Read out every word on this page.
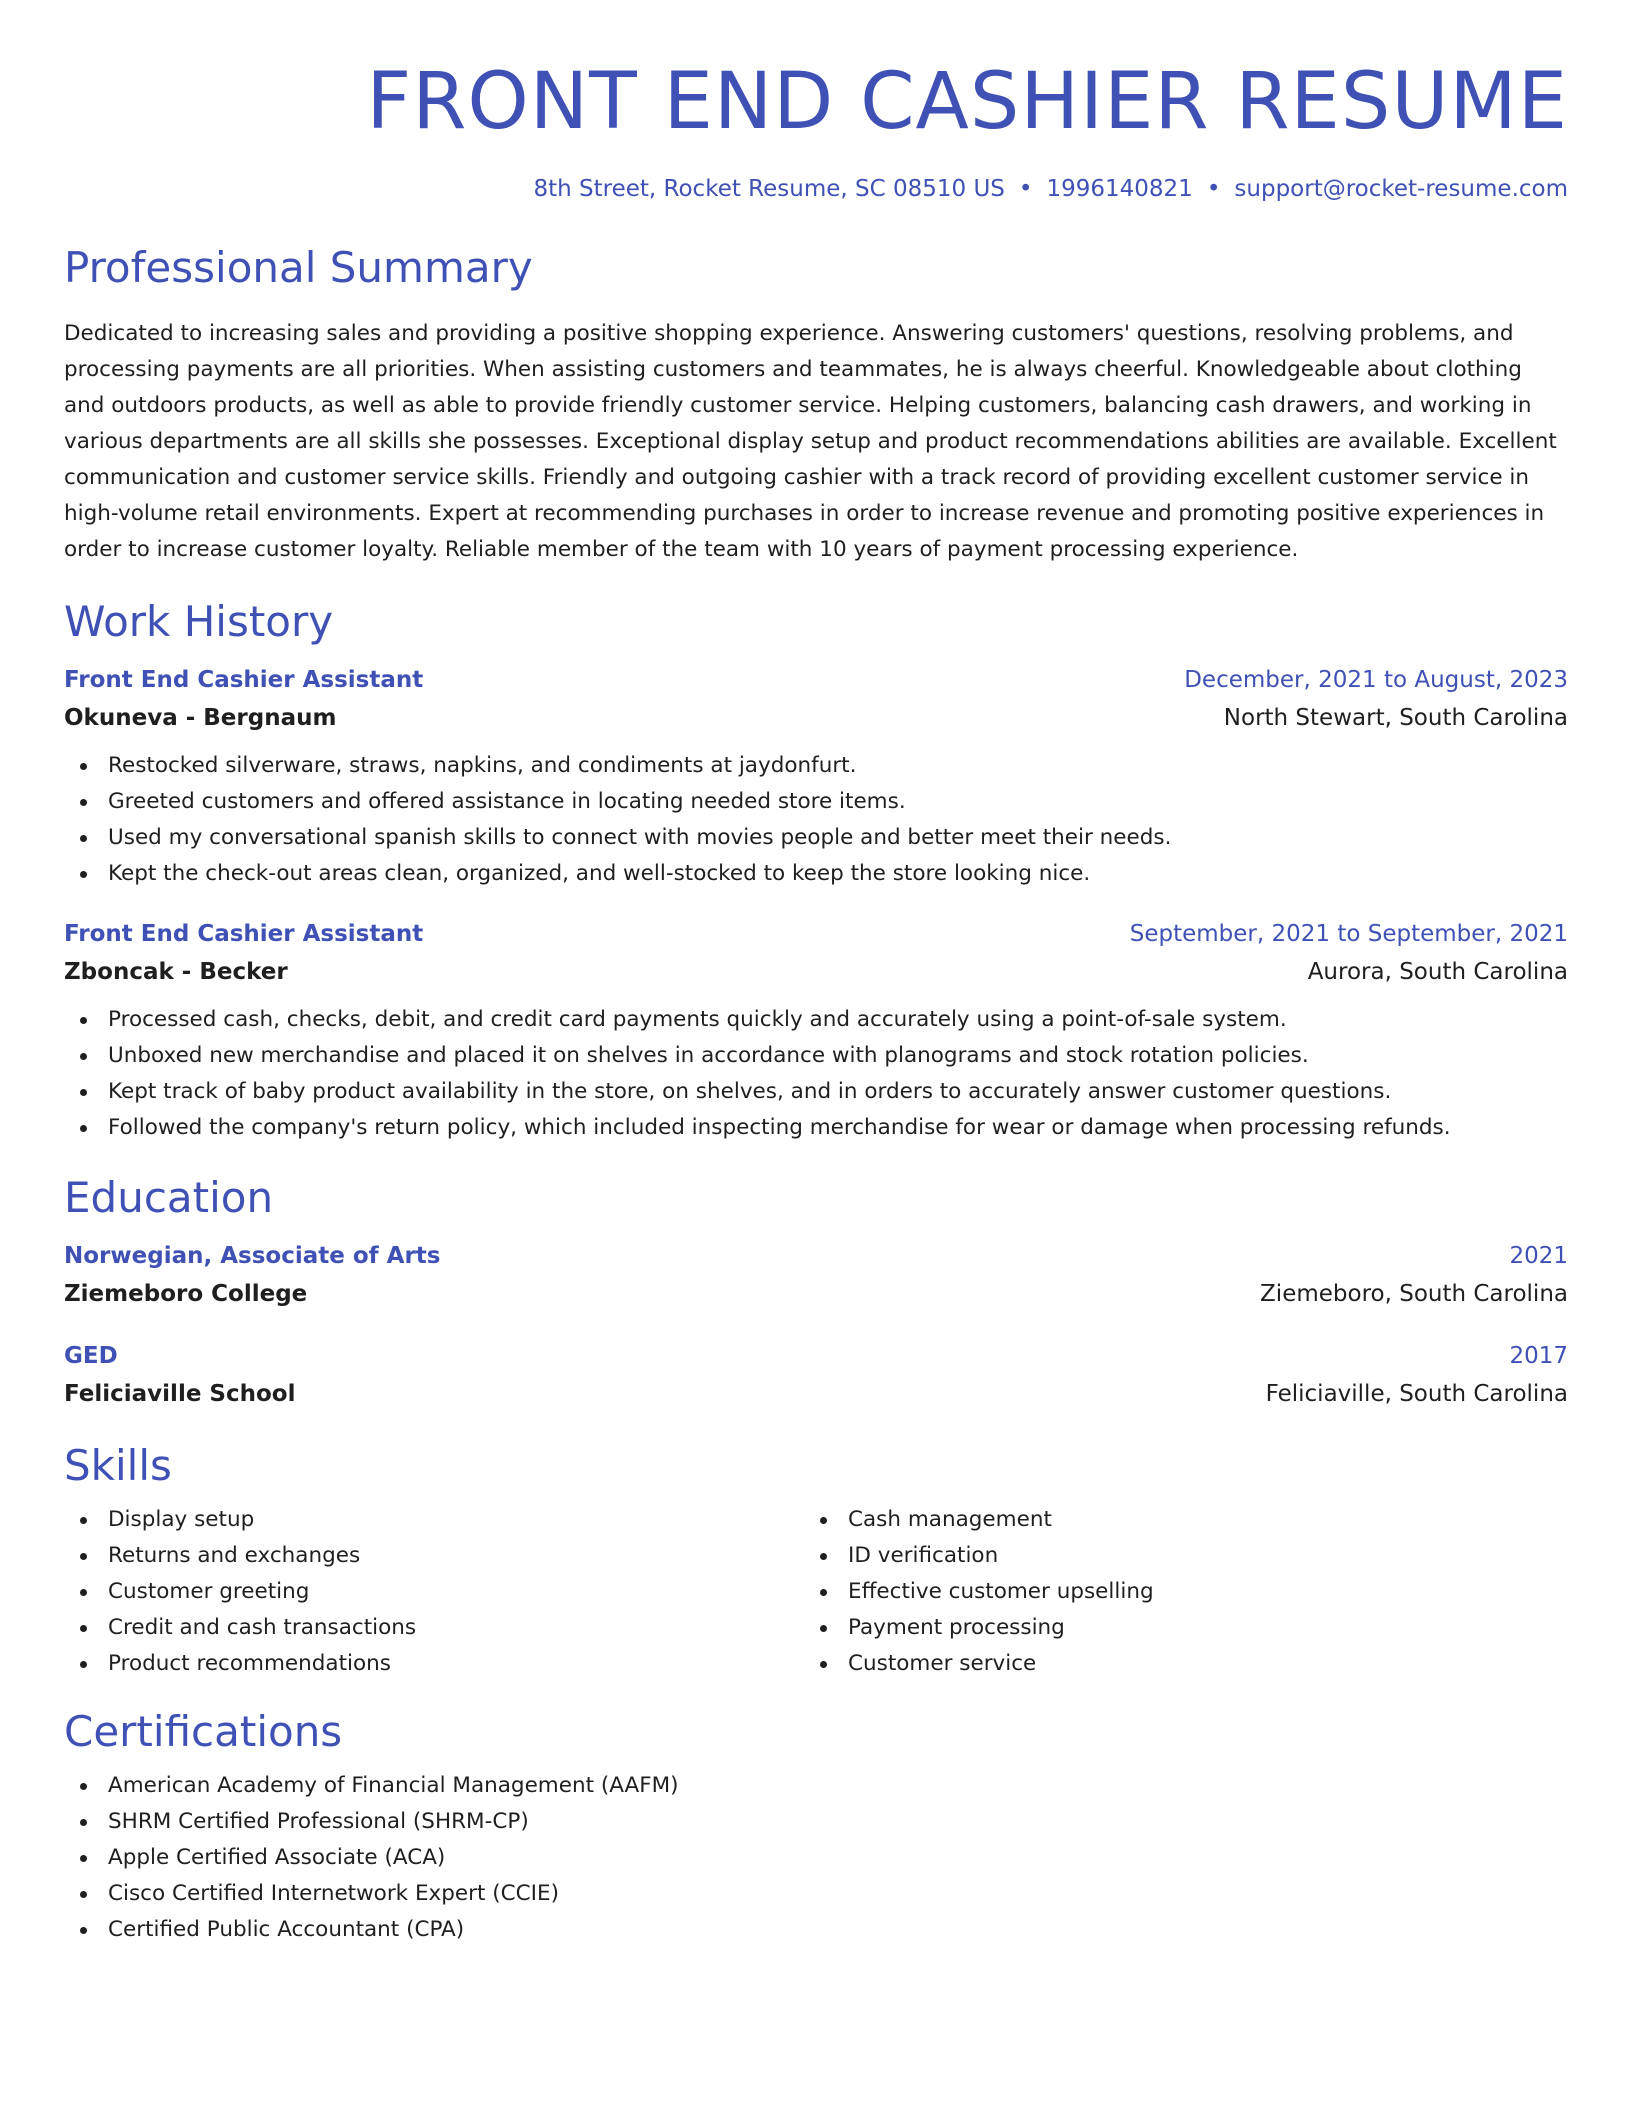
FRONT END CASHIER RESUME
8th Street, Rocket Resume, SC 08510 US • 1996140821 • support@rocket-resume.com
Professional Summary

Dedicated to increasing sales and providing a positive shopping experience. Answering customers' questions, resolving problems, and processing payments are all priorities. When assisting customers and teammates, he is always cheerful. Knowledgeable about clothing and outdoors products, as well as able to provide friendly customer service. Helping customers, balancing cash drawers, and working in various departments are all skills she possesses. Exceptional display setup and product recommendations abilities are available. Excellent communication and customer service skills. Friendly and outgoing cashier with a track record of providing excellent customer service in high-volume retail environments. Expert at recommending purchases in order to increase revenue and promoting positive experiences in order to increase customer loyalty. Reliable member of the team with 10 years of payment processing experience.

Work History
Front End Cashier Assistant	December, 2021 to August, 2023
Okuneva - Bergnaum	North Stewart, South Carolina
Restocked silverware, straws, napkins, and condiments at jaydonfurt.
Greeted customers and offered assistance in locating needed store items.
Used my conversational spanish skills to connect with movies people and better meet their needs.
Kept the check-out areas clean, organized, and well-stocked to keep the store looking nice.
Front End Cashier Assistant	September, 2021 to September, 2021
Zboncak - Becker	Aurora, South Carolina
Processed cash, checks, debit, and credit card payments quickly and accurately using a point-of-sale system.
Unboxed new merchandise and placed it on shelves in accordance with planograms and stock rotation policies.
Kept track of baby product availability in the store, on shelves, and in orders to accurately answer customer questions.
Followed the company's return policy, which included inspecting merchandise for wear or damage when processing refunds.
Education
Norwegian, Associate of Arts	2021
Ziemeboro College	Ziemeboro, South Carolina
GED	2017
Feliciaville School	Feliciaville, South Carolina
Skills
Display setup
Returns and exchanges
Customer greeting
Credit and cash transactions
Product recommendations
Cash management
ID verification
Effective customer upselling
Payment processing
Customer service
Certifications
American Academy of Financial Management (AAFM)
SHRM Certified Professional (SHRM-CP)
Apple Certified Associate (ACA)
Cisco Certified Internetwork Expert (CCIE)
Certified Public Accountant (CPA)
